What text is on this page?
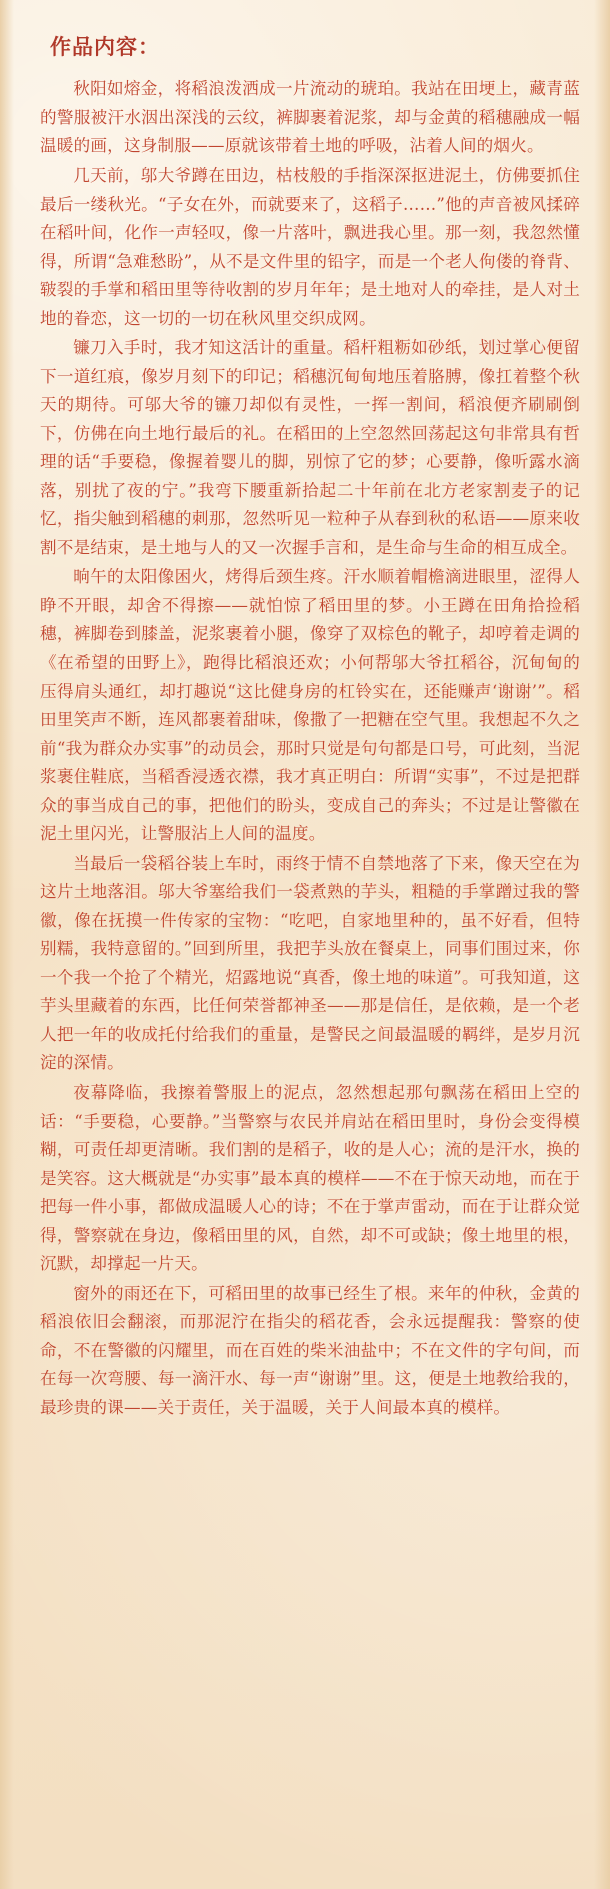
作品内容：

秋阳如熔金，将稻浪泼洒成一片流动的琥珀。我站在田埂上，藏青蓝的警服被汗水洇出深浅的云纹，裤脚裹着泥浆，却与金黄的稻穗融成一幅温暖的画，这身制服——原就该带着土地的呼吸，沾着人间的烟火。

几天前，邬大爷蹲在田边，枯枝般的手指深深抠进泥土，仿佛要抓住最后一缕秋光。“子女在外，而就要来了，这稻子……”他的声音被风揉碎在稻叶间，化作一声轻叹，像一片落叶，飘进我心里。那一刻，我忽然懂得，所谓“急难愁盼”，从不是文件里的铅字，而是一个老人佝偻的脊背、皲裂的手掌和稻田里等待收割的岁月年年；是土地对人的牵挂，是人对土地的眷恋，这一切的一切在秋风里交织成网。

镰刀入手时，我才知这活计的重量。稻杆粗粝如砂纸，划过掌心便留下一道红痕，像岁月刻下的印记；稻穗沉甸甸地压着胳膊，像扛着整个秋天的期待。可邬大爷的镰刀却似有灵性，一挥一割间，稻浪便齐刷刷倒下，仿佛在向土地行最后的礼。在稻田的上空忽然回荡起这句非常具有哲理的话“手要稳，像握着婴儿的脚，别惊了它的梦；心要静，像听露水滴落，别扰了夜的宁。”我弯下腰重新拾起二十年前在北方老家割麦子的记忆，指尖触到稻穗的刺那，忽然听见一粒种子从春到秋的私语——原来收割不是结束，是土地与人的又一次握手言和，是生命与生命的相互成全。

晌午的太阳像困火，烤得后颈生疼。汗水顺着帽檐滴进眼里，涩得人睁不开眼，却舍不得擦——就怕惊了稻田里的梦。小王蹲在田角拾捡稻穗，裤脚卷到膝盖，泥浆裹着小腿，像穿了双棕色的靴子，却哼着走调的《在希望的田野上》，跑得比稻浪还欢；小何帮邬大爷扛稻谷，沉甸甸的压得肩头通红，却打趣说“这比健身房的杠铃实在，还能赚声‘谢谢’”。稻田里笑声不断，连风都裹着甜味，像撒了一把糖在空气里。我想起不久之前“我为群众办实事”的动员会，那时只觉是句句都是口号，可此刻，当泥浆裹住鞋底，当稻香浸透衣襟，我才真正明白：所谓“实事”，不过是把群众的事当成自己的事，把他们的盼头，变成自己的奔头；不过是让警徽在泥土里闪光，让警服沾上人间的温度。

当最后一袋稻谷装上车时，雨终于情不自禁地落了下来，像天空在为这片土地落泪。邬大爷塞给我们一袋煮熟的芋头，粗糙的手掌蹭过我的警徽，像在抚摸一件传家的宝物：“吃吧，自家地里种的，虽不好看，但特别糯，我特意留的。”回到所里，我把芋头放在餐桌上，同事们围过来，你一个我一个抢了个精光，炤露地说“真香，像土地的味道”。可我知道，这芋头里藏着的东西，比任何荣誉都神圣——那是信任，是依赖，是一个老人把一年的收成托付给我们的重量，是警民之间最温暖的羁绊，是岁月沉淀的深情。

夜幕降临，我擦着警服上的泥点，忽然想起那句飘荡在稻田上空的话：“手要稳，心要静。”当警察与农民并肩站在稻田里时，身份会变得模糊，可责任却更清晰。我们割的是稻子，收的是人心；流的是汗水，换的是笑容。这大概就是“办实事”最本真的模样——不在于惊天动地，而在于把每一件小事，都做成温暖人心的诗；不在于掌声雷动，而在于让群众觉得，警察就在身边，像稻田里的风，自然，却不可或缺；像土地里的根，沉默，却撑起一片天。

窗外的雨还在下，可稻田里的故事已经生了根。来年的仲秋，金黄的稻浪依旧会翻滚，而那泥泞在指尖的稻花香，会永远提醒我：警察的使命，不在警徽的闪耀里，而在百姓的柴米油盐中；不在文件的字句间，而在每一次弯腰、每一滴汗水、每一声“谢谢”里。这，便是土地教给我的，最珍贵的课——关于责任，关于温暖，关于人间最本真的模样。
